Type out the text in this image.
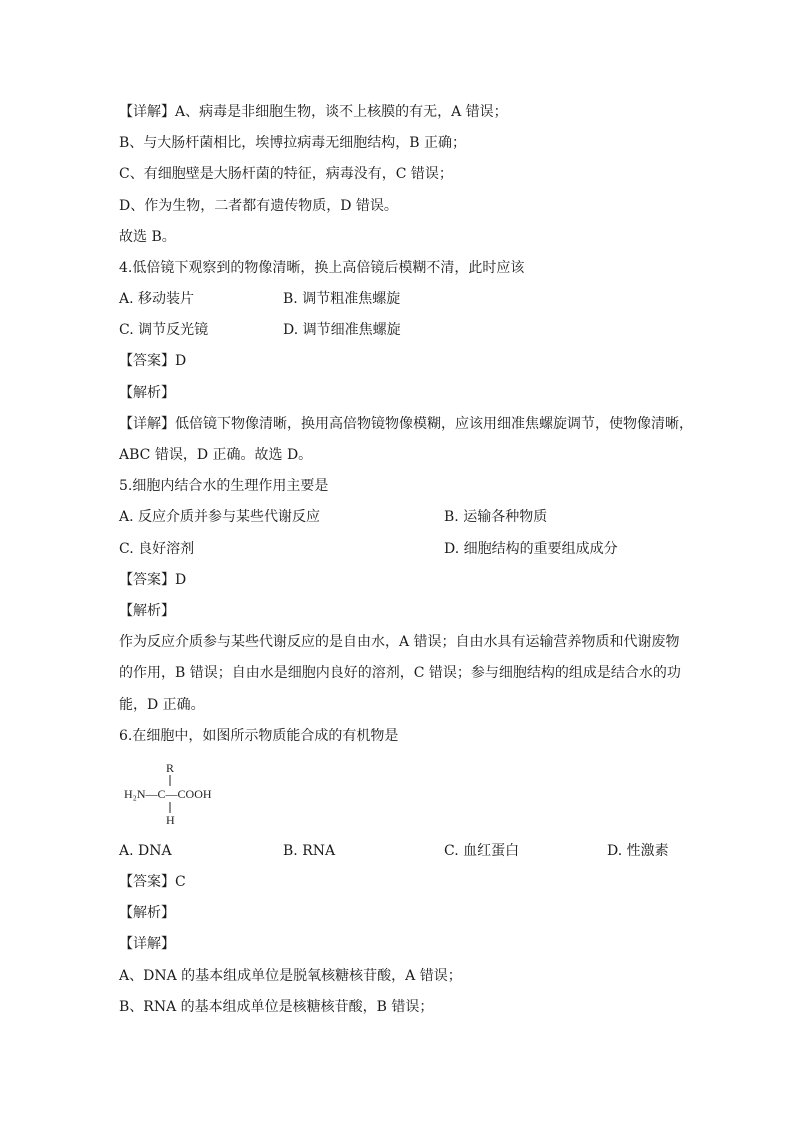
【详解】A、病毒是非细胞生物，谈不上核膜的有无，A 错误；
B、与大肠杆菌相比，埃博拉病毒无细胞结构，B 正确；
C、有细胞壁是大肠杆菌的特征，病毒没有，C 错误；
D、作为生物，二者都有遗传物质，D 错误。
故选 B。
4.低倍镜下观察到的物像清晰，换上高倍镜后模糊不清，此时应该
A. 移动装片	B. 调节粗准焦螺旋
C. 调节反光镜	D. 调节细准焦螺旋
【答案】D
【解析】
【详解】低倍镜下物像清晰，换用高倍物镜物像模糊，应该用细准焦螺旋调节，使物像清晰，
ABC 错误，D 正确。故选 D。
5.细胞内结合水的生理作用主要是
A. 反应介质并参与某些代谢反应	B. 运输各种物质
C. 良好溶剂	D. 细胞结构的重要组成成分
【答案】D
【解析】
作为反应介质参与某些代谢反应的是自由水，A 错误；自由水具有运输营养物质和代谢废物
的作用，B 错误；自由水是细胞内良好的溶剂，C 错误；参与细胞结构的组成是结合水的功
能，D 正确。
6.在细胞中，如图所示物质能合成的有机物是
R
H₂N—C—COOH
H
A. DNA	B. RNA	C. 血红蛋白	D. 性激素
【答案】C
【解析】
【详解】
A、DNA 的基本组成单位是脱氧核糖核苷酸，A 错误；
B、RNA 的基本组成单位是核糖核苷酸，B 错误；
